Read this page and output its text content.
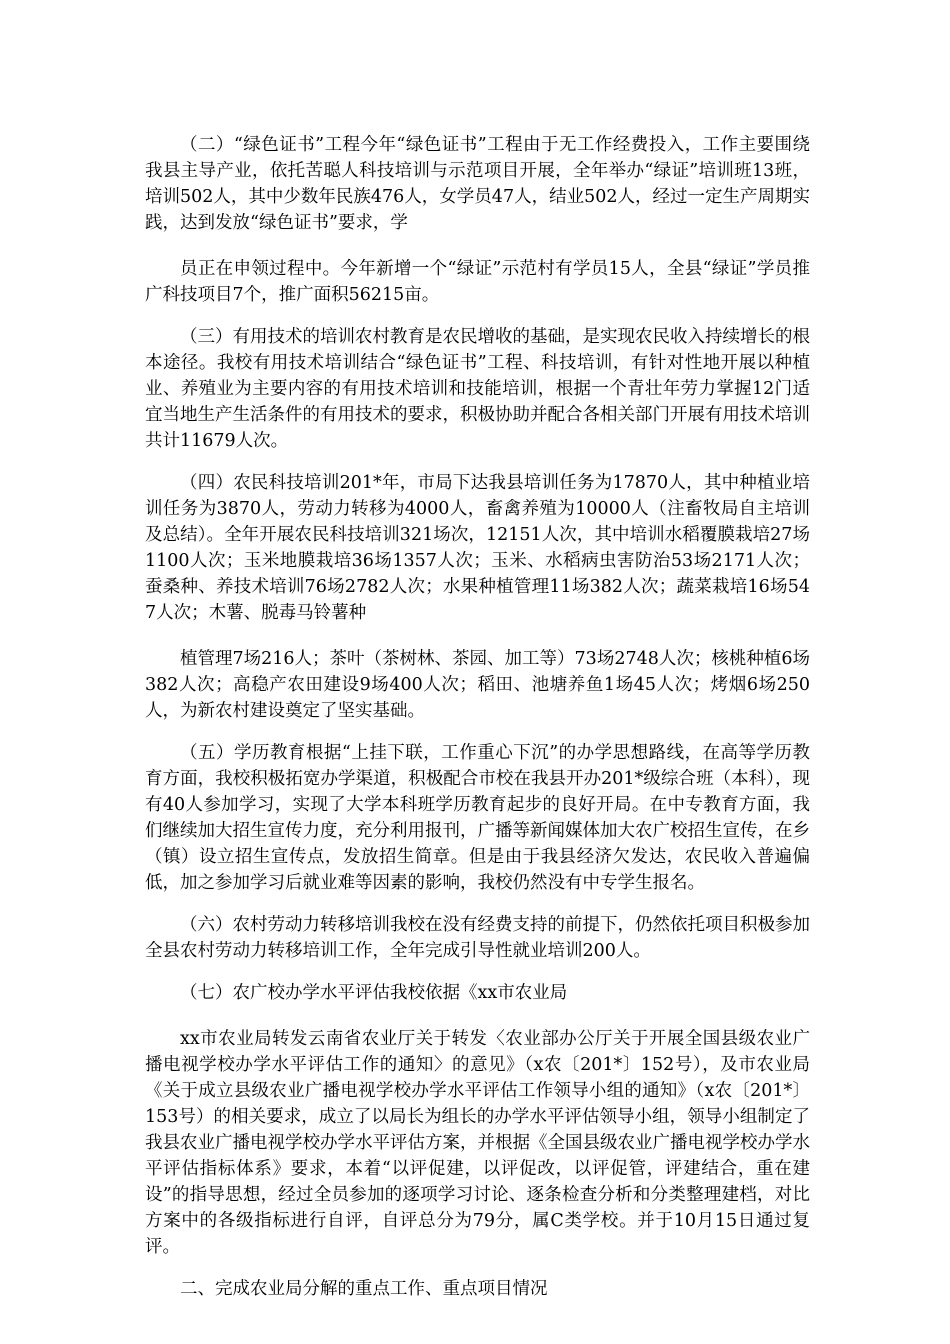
（二）“绿色证书”工程今年“绿色证书”工程由于无工作经费投入，工作主要围绕我县主导产业，依托苦聪人科技培训与示范项目开展，全年举办“绿证”培训班13班，培训502人，其中少数年民族476人，女学员47人，结业502人，经过一定生产周期实践，达到发放“绿色证书”要求，学

员正在申领过程中。今年新增一个“绿证”示范村有学员15人，全县“绿证”学员推广科技项目7个，推广面积56215亩。

（三）有用技术的培训农村教育是农民增收的基础，是实现农民收入持续增长的根本途径。我校有用技术培训结合“绿色证书”工程、科技培训，有针对性地开展以种植业、养殖业为主要内容的有用技术培训和技能培训，根据一个青壮年劳力掌握12门适宜当地生产生活条件的有用技术的要求，积极协助并配合各相关部门开展有用技术培训共计11679人次。

（四）农民科技培训201*年，市局下达我县培训任务为17870人，其中种植业培训任务为3870人，劳动力转移为4000人，畜禽养殖为10000人（注畜牧局自主培训及总结）。全年开展农民科技培训321场次，12151人次，其中培训水稻覆膜栽培27场1100人次；玉米地膜栽培36场1357人次；玉米、水稻病虫害防治53场2171人次；蚕桑种、养技术培训76场2782人次；水果种植管理11场382人次；蔬菜栽培16场547人次；木薯、脱毒马铃薯种

植管理7场216人；茶叶（茶树林、茶园、加工等）73场2748人次；核桃种植6场382人次；高稳产农田建设9场400人次；稻田、池塘养鱼1场45人次；烤烟6场250人，为新农村建设奠定了坚实基础。

（五）学历教育根据“上挂下联，工作重心下沉”的办学思想路线，在高等学历教育方面，我校积极拓宽办学渠道，积极配合市校在我县开办201*级综合班（本科），现有40人参加学习，实现了大学本科班学历教育起步的良好开局。在中专教育方面，我们继续加大招生宣传力度，充分利用报刊，广播等新闻媒体加大农广校招生宣传，在乡（镇）设立招生宣传点，发放招生简章。但是由于我县经济欠发达，农民收入普遍偏低，加之参加学习后就业难等因素的影响，我校仍然没有中专学生报名。

（六）农村劳动力转移培训我校在没有经费支持的前提下，仍然依托项目积极参加全县农村劳动力转移培训工作，全年完成引导性就业培训200人。

（七）农广校办学水平评估我校依据《xx市农业局

xx市农业局转发云南省农业厅关于转发〈农业部办公厅关于开展全国县级农业广播电视学校办学水平评估工作的通知〉的意见》（x农〔201*〕152号），及市农业局《关于成立县级农业广播电视学校办学水平评估工作领导小组的通知》（x农〔201*〕153号）的相关要求，成立了以局长为组长的办学水平评估领导小组，领导小组制定了我县农业广播电视学校办学水平评估方案，并根据《全国县级农业广播电视学校办学水平评估指标体系》要求，本着“以评促建，以评促改，以评促管，评建结合，重在建设”的指导思想，经过全员参加的逐项学习讨论、逐条检查分析和分类整理建档，对比方案中的各级指标进行自评，自评总分为79分，属C类学校。并于10月15日通过复评。

二、完成农业局分解的重点工作、重点项目情况
